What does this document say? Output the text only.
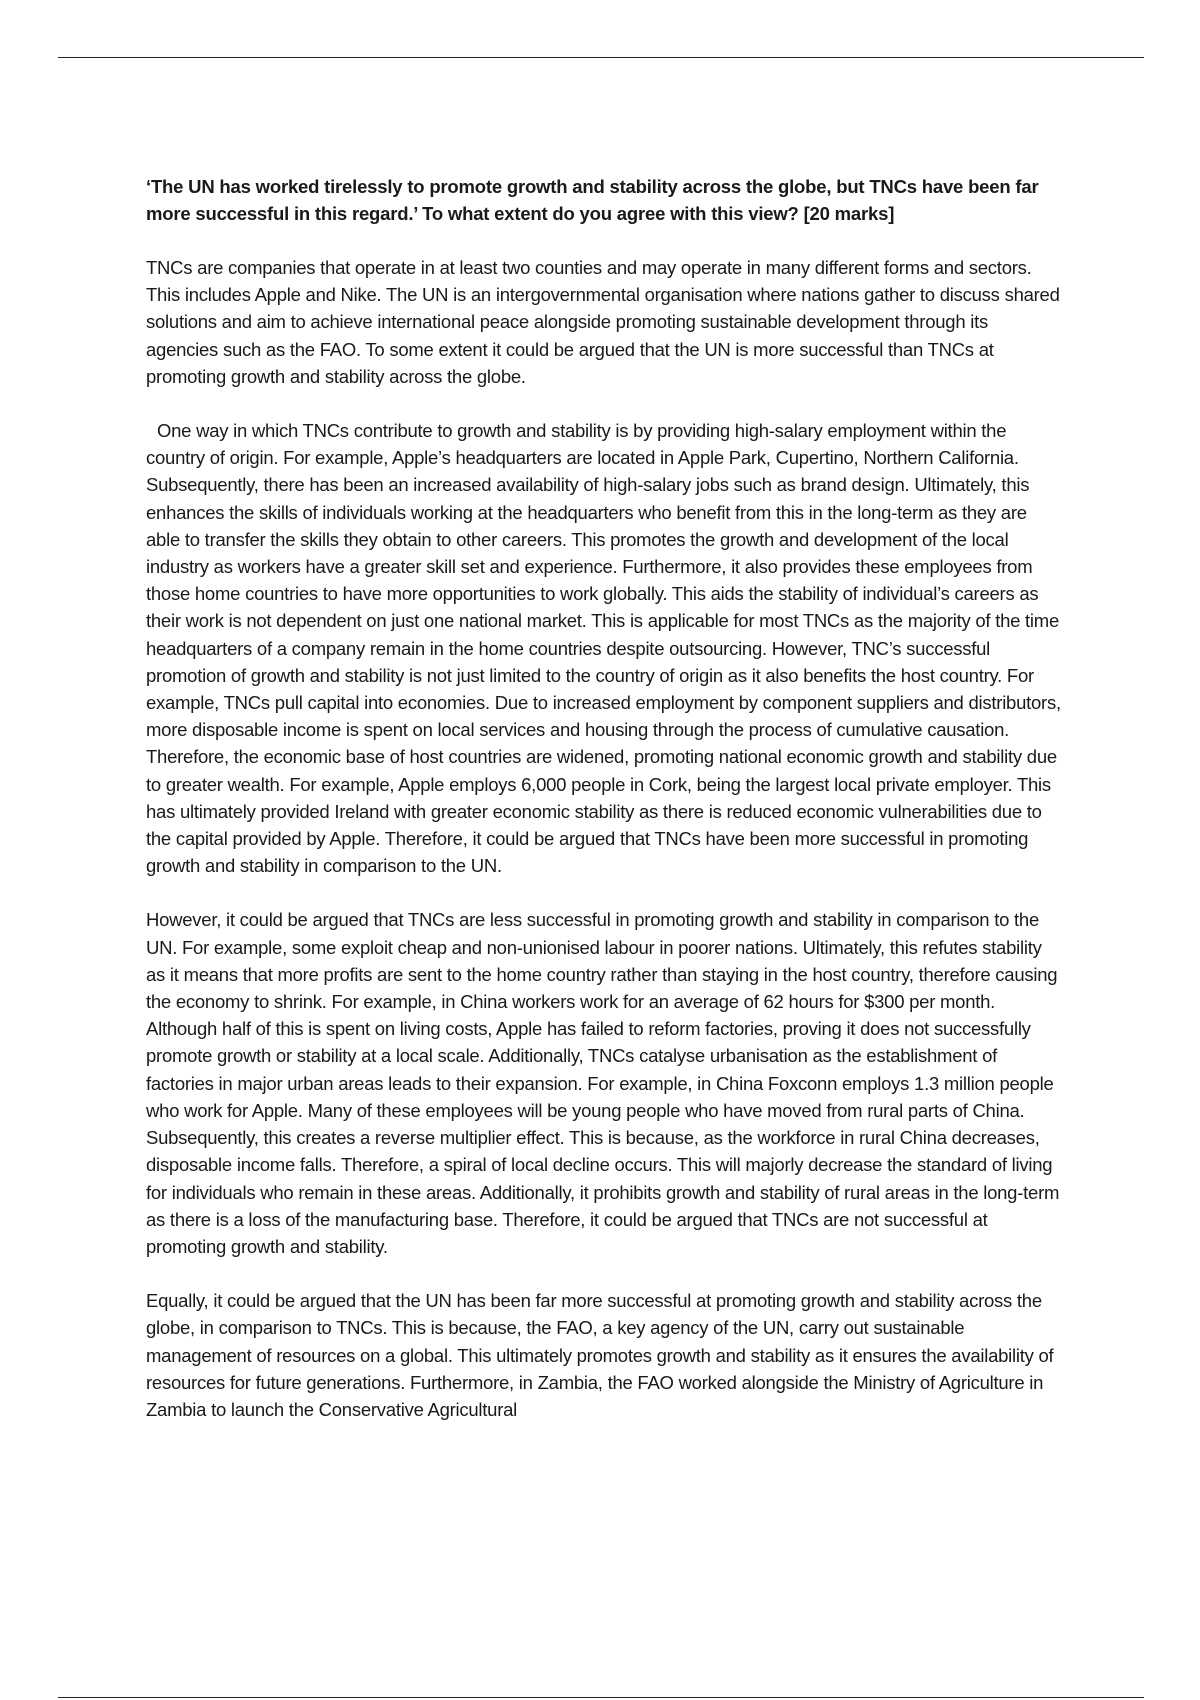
‘The UN has worked tirelessly to promote growth and stability across the globe, but TNCs have been far more successful in this regard.’ To what extent do you agree with this view? [20 marks]

TNCs are companies that operate in at least two counties and may operate in many different forms and sectors. This includes Apple and Nike. The UN is an intergovernmental organisation where nations gather to discuss shared solutions and aim to achieve international peace alongside promoting sustainable development through its agencies such as the FAO. To some extent it could be argued that the UN is more successful than TNCs at promoting growth and stability across the globe.

One way in which TNCs contribute to growth and stability is by providing high-salary employment within the country of origin. For example, Apple’s headquarters are located in Apple Park, Cupertino, Northern California. Subsequently, there has been an increased availability of high-salary jobs such as brand design. Ultimately, this enhances the skills of individuals working at the headquarters who benefit from this in the long-term as they are able to transfer the skills they obtain to other careers. This promotes the growth and development of the local industry as workers have a greater skill set and experience. Furthermore, it also provides these employees from those home countries to have more opportunities to work globally. This aids the stability of individual’s careers as their work is not dependent on just one national market. This is applicable for most TNCs as the majority of the time headquarters of a company remain in the home countries despite outsourcing. However, TNC’s successful promotion of growth and stability is not just limited to the country of origin as it also benefits the host country. For example, TNCs pull capital into economies. Due to increased employment by component suppliers and distributors, more disposable income is spent on local services and housing through the process of cumulative causation. Therefore, the economic base of host countries are widened, promoting national economic growth and stability due to greater wealth. For example, Apple employs 6,000 people in Cork, being the largest local private employer. This has ultimately provided Ireland with greater economic stability as there is reduced economic vulnerabilities due to the capital provided by Apple. Therefore, it could be argued that TNCs have been more successful in promoting growth and stability in comparison to the UN.

However, it could be argued that TNCs are less successful in promoting growth and stability in comparison to the UN. For example, some exploit cheap and non-unionised labour in poorer nations. Ultimately, this refutes stability as it means that more profits are sent to the home country rather than staying in the host country, therefore causing the economy to shrink. For example, in China workers work for an average of 62 hours for $300 per month. Although half of this is spent on living costs, Apple has failed to reform factories, proving it does not successfully promote growth or stability at a local scale. Additionally, TNCs catalyse urbanisation as the establishment of factories in major urban areas leads to their expansion. For example, in China Foxconn employs 1.3 million people who work for Apple. Many of these employees will be young people who have moved from rural parts of China. Subsequently, this creates a reverse multiplier effect. This is because, as the workforce in rural China decreases, disposable income falls. Therefore, a spiral of local decline occurs. This will majorly decrease the standard of living for individuals who remain in these areas. Additionally, it prohibits growth and stability of rural areas in the long-term as there is a loss of the manufacturing base. Therefore, it could be argued that TNCs are not successful at promoting growth and stability.

Equally, it could be argued that the UN has been far more successful at promoting growth and stability across the globe, in comparison to TNCs. This is because, the FAO, a key agency of the UN, carry out sustainable management of resources on a global. This ultimately promotes growth and stability as it ensures the availability of resources for future generations. Furthermore, in Zambia, the FAO worked alongside the Ministry of Agriculture in Zambia to launch the Conservative Agricultural
